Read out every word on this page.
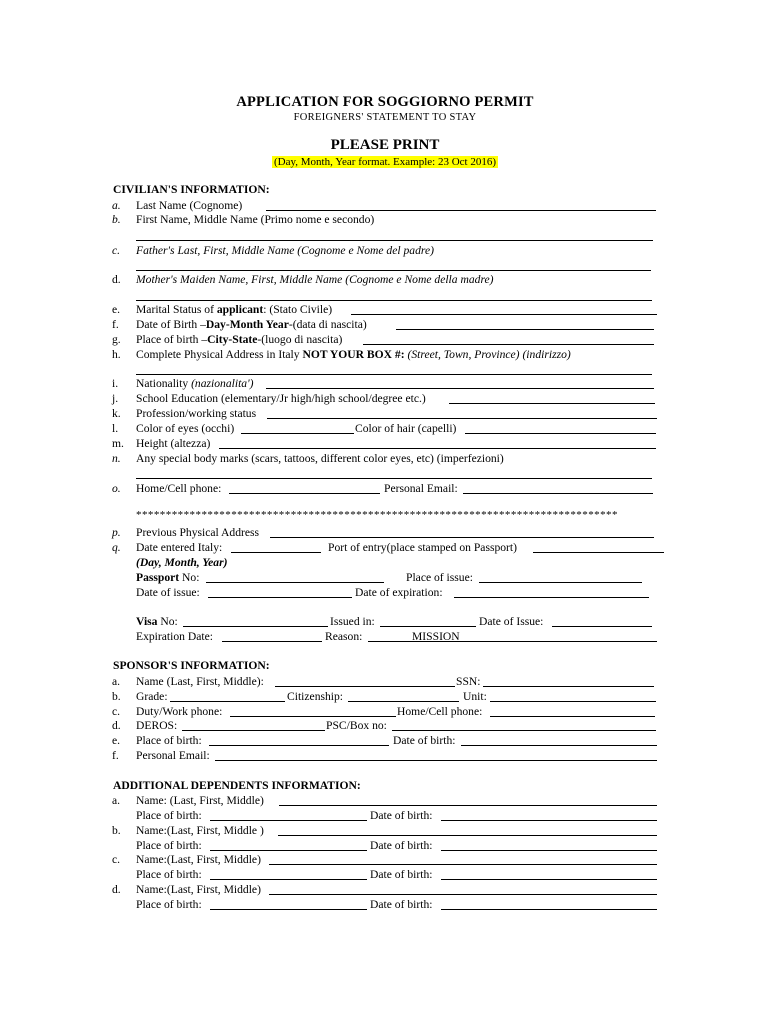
APPLICATION FOR SOGGIORNO PERMIT
FOREIGNERS' STATEMENT TO STAY
PLEASE PRINT
(Day, Month, Year format. Example: 23 Oct 2016)
CIVILIAN'S INFORMATION:
a.	Last Name (Cognome)
b.	First Name, Middle Name (Primo nome e secondo)
c.	Father's Last, First, Middle Name (Cognome e Nome del padre)
d.	Mother's Maiden Name, First, Middle Name (Cognome e Nome della madre)
e.	Marital Status of applicant: (Stato Civile)
f.	Date of Birth –Day-Month Year-(data di nascita)
g.	Place of birth –City-State-(luogo di nascita)
h.	Complete Physical Address in Italy NOT YOUR BOX #: (Street, Town, Province) (indirizzo)
i.	Nationality (nazionalita')
j.	School Education (elementary/Jr high/high school/degree etc.)
k.	Profession/working status
l.	Color of eyes (occhi)	Color of hair (capelli)
m.	Height (altezza)
n.	Any special body marks (scars, tattoos, different color eyes, etc) (imperfezioni)
o.	Home/Cell phone:	Personal Email:
*********************************************************************************
p.	Previous Physical Address
q.	Date entered Italy:	Port of entry(place stamped on Passport)
(Day, Month, Year)
Passport No:	Place of issue:
Date of issue:	Date of expiration:
Visa No:	Issued in:	Date of Issue:
Expiration Date:	Reason:	MISSION
SPONSOR'S INFORMATION:
a.	Name (Last, First, Middle):	SSN:
b.	Grade:	Citizenship:	Unit:
c.	Duty/Work phone:	Home/Cell phone:
d.	DEROS:	PSC/Box no:
e.	Place of birth:	Date of birth:
f.	Personal Email:
ADDITIONAL DEPENDENTS INFORMATION:
a.	Name: (Last, First, Middle)
Place of birth:	Date of birth:
b.	Name:(Last, First, Middle )
Place of birth:	Date of birth:
c.	Name:(Last, First, Middle)
Place of birth:	Date of birth:
d.	Name:(Last, First, Middle)
Place of birth:	Date of birth:
